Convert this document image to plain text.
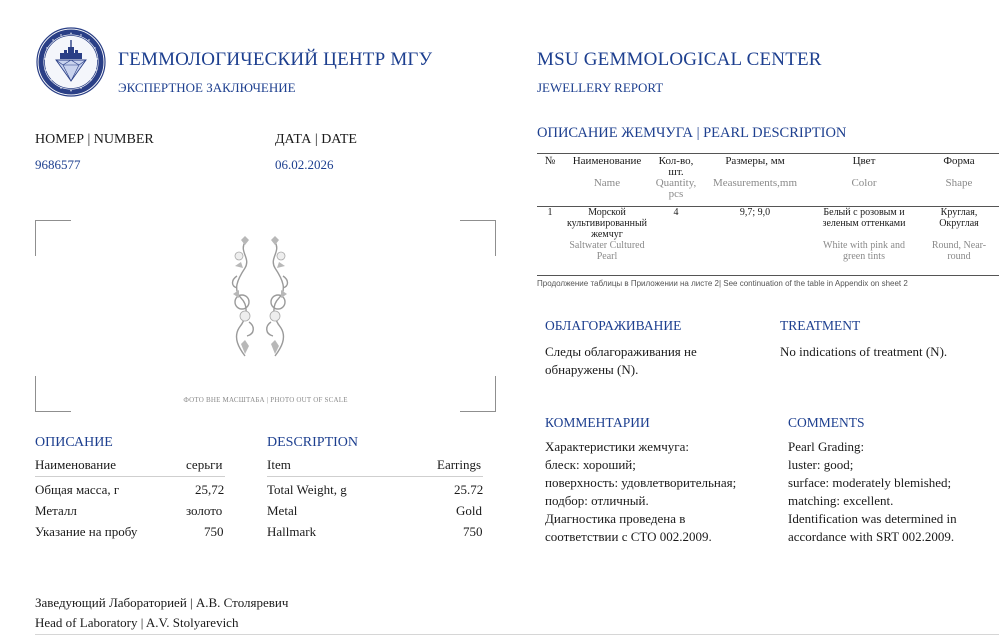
ГЕММОЛОГИЧЕСКИЙ ЦЕНТР МГУ
ЭКСПЕРТНОЕ ЗАКЛЮЧЕНИЕ
MSU GEMMOLOGICAL CENTER
JEWELLERY REPORT
НОМЕР | NUMBER
9686577
ДАТА | DATE
06.02.2026
ФОТО ВНЕ МАСШТАБА | PHOTO OUT OF SCALE
ОПИСАНИЕ	DESCRIPTION
Наименование	серьги	Item	Earrings
Общая масса, г	25,72	Total Weight, g	25.72
Металл	золото	Metal	Gold
Указание на пробу	750	Hallmark	750
ОПИСАНИЕ ЖЕМЧУГА | PEARL DESCRIPTION
№	Наименование	Кол-во, шт.	Размеры, мм	Цвет	Форма
	Name	Quantity, pcs	Measurements,mm	Color	Shape
1	Морской культивированный жемчуг	4	9,7; 9,0	Белый с розовым и зеленым оттенками	Круглая, Округлая
	Saltwater Cultured Pearl			White with pink and green tints	Round, Near-round
Продолжение таблицы в Приложении на листе 2| See continuation of the table in Appendix on sheet 2
ОБЛАГОРАЖИВАНИЕ
Следы облагораживания не
обнаружены (N).
TREATMENT
No indications of treatment (N).
КОММЕНТАРИИ
Характеристики жемчуга:
блеск: хороший;
поверхность: удовлетворительная;
подбор: отличный.
Диагностика проведена в
соответствии с СТО 002.2009.
COMMENTS
Pearl Grading:
luster: good;
surface: moderately blemished;
matching: excellent.
Identification was determined in
accordance with SRT 002.2009.
Заведующий Лабораторией | А.В. Столяревич
Head of Laboratory | A.V. Stolyarevich
